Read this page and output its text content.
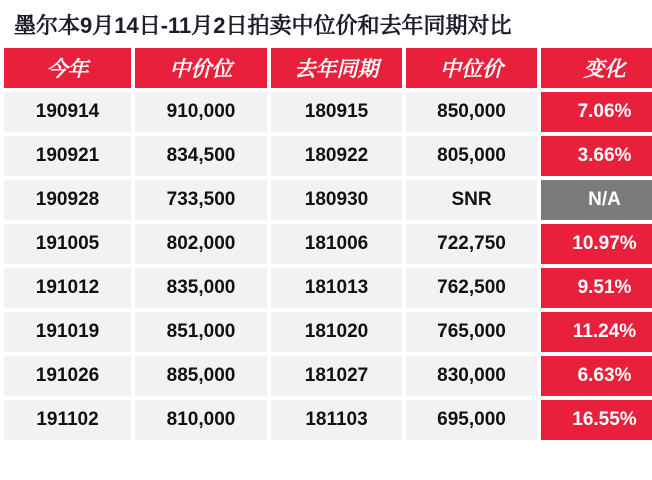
墨尔本9月14日-11月2日拍卖中位价和去年同期对比
今年	中价位	去年同期	中位价	变化
190914	910,000	180915	850,000	7.06%
190921	834,500	180922	805,000	3.66%
190928	733,500	180930	SNR	N/A
191005	802,000	181006	722,750	10.97%
191012	835,000	181013	762,500	9.51%
191019	851,000	181020	765,000	11.24%
191026	885,000	181027	830,000	6.63%
191102	810,000	181103	695,000	16.55%
